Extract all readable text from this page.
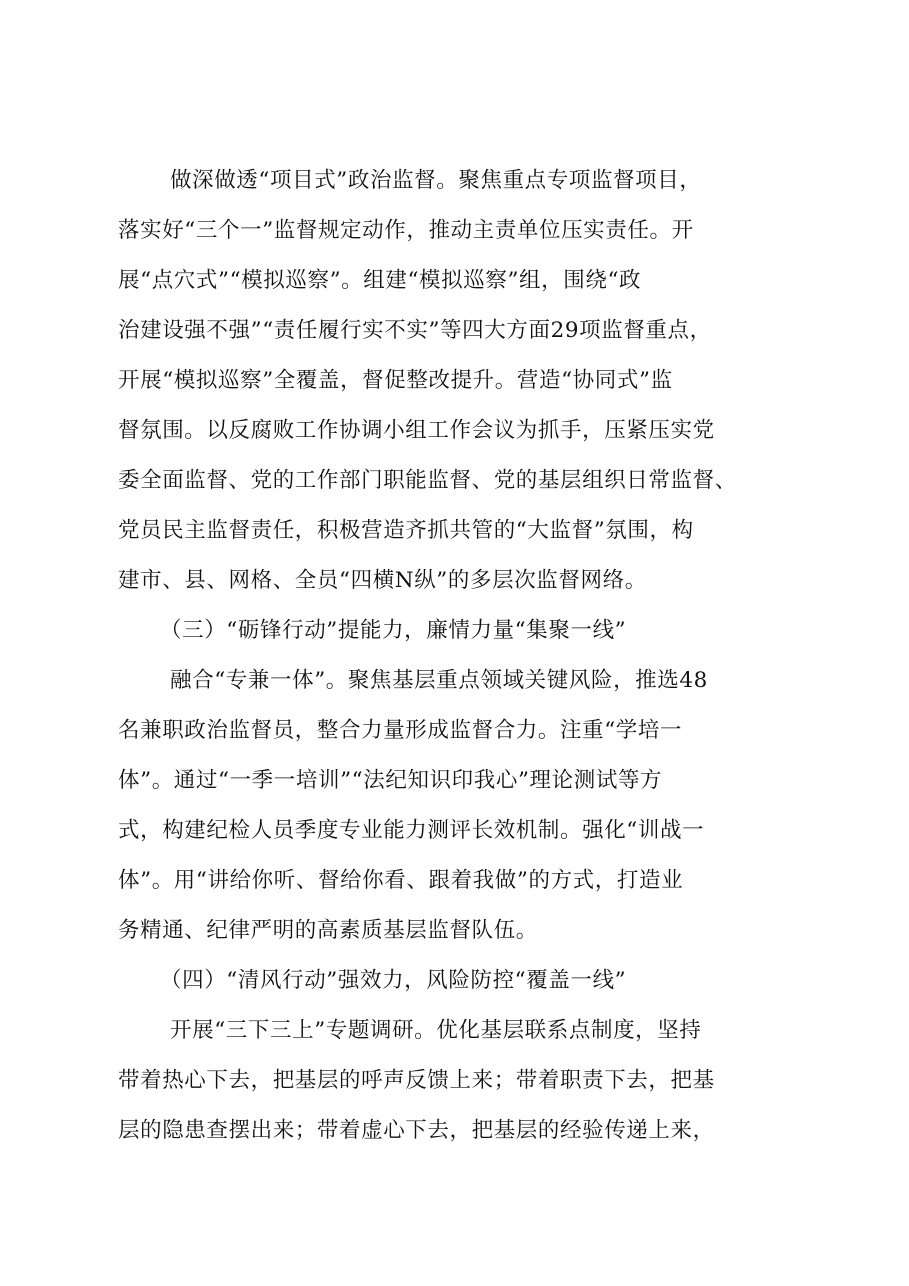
做深做透“项目式”政治监督。聚焦重点专项监督项目，
落实好“三个一”监督规定动作，推动主责单位压实责任。开
展“点穴式”“模拟巡察”。组建“模拟巡察”组，围绕“政
治建设强不强”“责任履行实不实”等四大方面29项监督重点，
开展“模拟巡察”全覆盖，督促整改提升。营造“协同式”监
督氛围。以反腐败工作协调小组工作会议为抓手，压紧压实党
委全面监督、党的工作部门职能监督、党的基层组织日常监督、
党员民主监督责任，积极营造齐抓共管的“大监督”氛围，构
建市、县、网格、全员“四横N纵”的多层次监督网络。
（三）“砺锋行动”提能力，廉情力量“集聚一线”
融合“专兼一体”。聚焦基层重点领域关键风险，推选48
名兼职政治监督员，整合力量形成监督合力。注重“学培一
体”。通过“一季一培训”“法纪知识印我心”理论测试等方
式，构建纪检人员季度专业能力测评长效机制。强化“训战一
体”。用“讲给你听、督给你看、跟着我做”的方式，打造业
务精通、纪律严明的高素质基层监督队伍。
（四）“清风行动”强效力，风险防控“覆盖一线”
开展“三下三上”专题调研。优化基层联系点制度，坚持
带着热心下去，把基层的呼声反馈上来；带着职责下去，把基
层的隐患查摆出来；带着虚心下去，把基层的经验传递上来，
